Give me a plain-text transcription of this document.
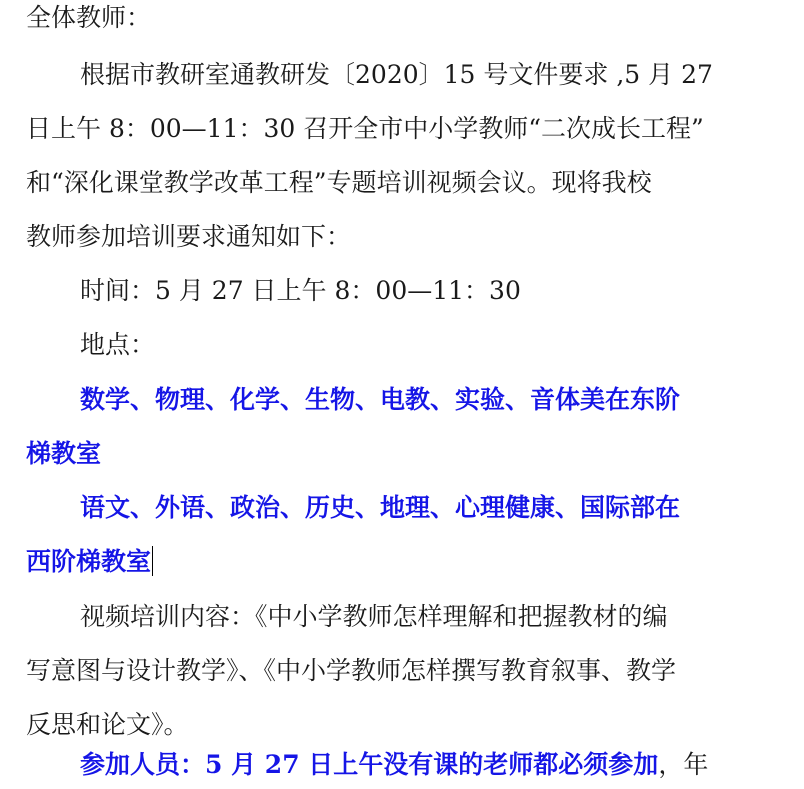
全体教师：
根据市教研室通教研发〔2020〕15 号文件要求 ,5 月 27
日上午 8：00—11：30 召开全市中小学教师“二次成长工程”
和“深化课堂教学改革工程”专题培训视频会议。现将我校
教师参加培训要求通知如下：
时间：5 月 27 日上午 8：00—11：30
地点：
数学、物理、化学、生物、电教、实验、音体美在东阶
梯教室
语文、外语、政治、历史、地理、心理健康、国际部在
西阶梯教室
视频培训内容：《中小学教师怎样理解和把握教材的编
写意图与设计教学》、《中小学教师怎样撰写教育叙事、教学
反思和论文》。
参加人员：5 月 27 日上午没有课的老师都必须参加，年
